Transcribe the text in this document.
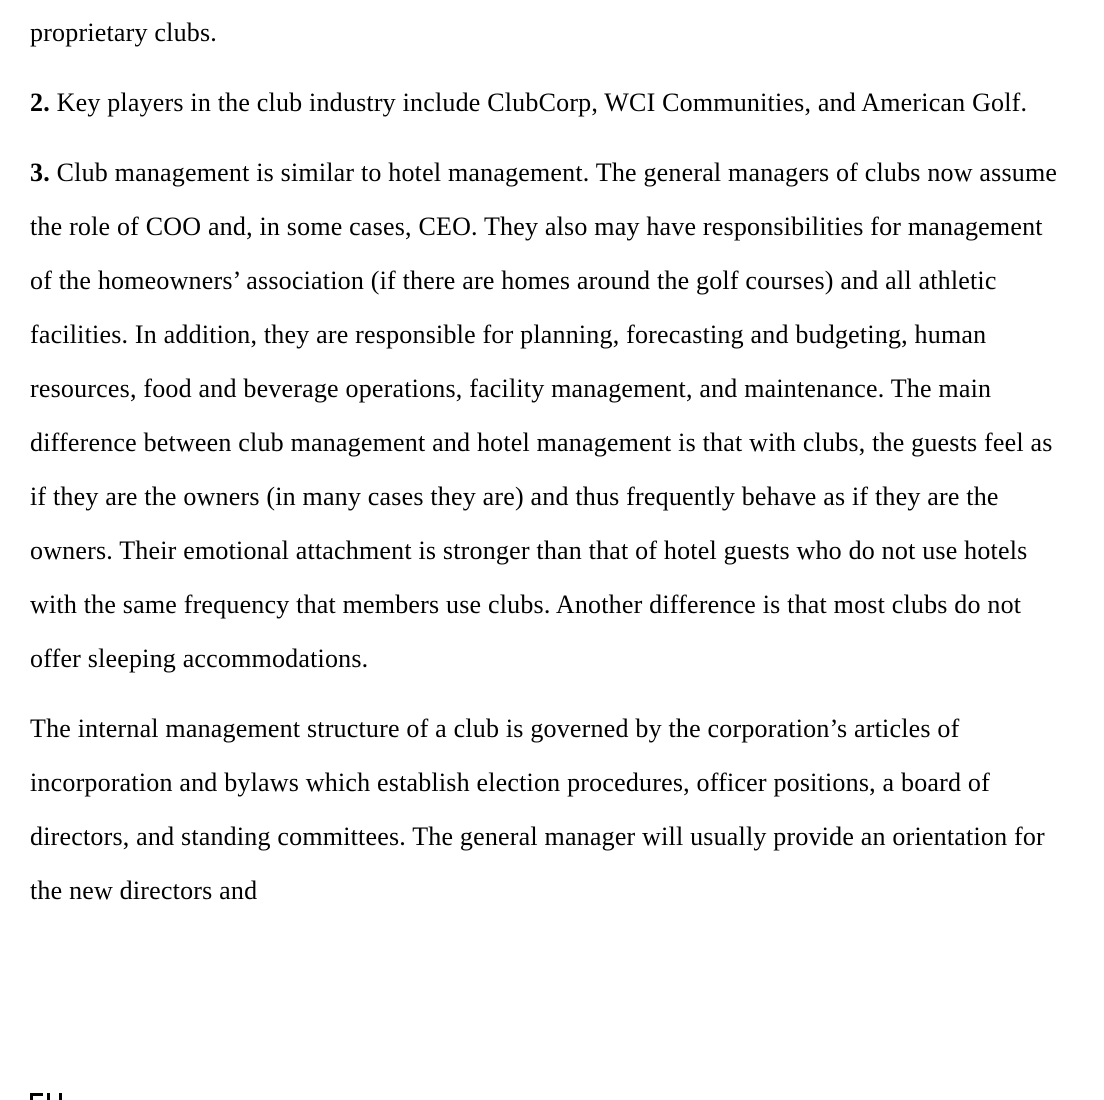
proprietary clubs.

2. Key players in the club industry include ClubCorp, WCI Communities, and American Golf.

3. Club management is similar to hotel management. The general managers of clubs now assume the role of COO and, in some cases, CEO. They also may have responsibilities for management of the homeowners’ association (if there are homes around the golf courses) and all athletic facilities. In addition, they are responsible for planning, forecasting and budgeting, human resources, food and beverage operations, facility management, and maintenance. The main difference between club management and hotel management is that with clubs, the guests feel as if they are the owners (in many cases they are) and thus frequently behave as if they are the owners. Their emotional attachment is stronger than that of hotel guests who do not use hotels with the same frequency that members use clubs. Another difference is that most clubs do not offer sleeping accommodations.

The internal management structure of a club is governed by the corporation’s articles of incorporation and bylaws which establish election procedures, officer positions, a board of directors, and standing committees. The general manager will usually provide an orientation for the new directors and
